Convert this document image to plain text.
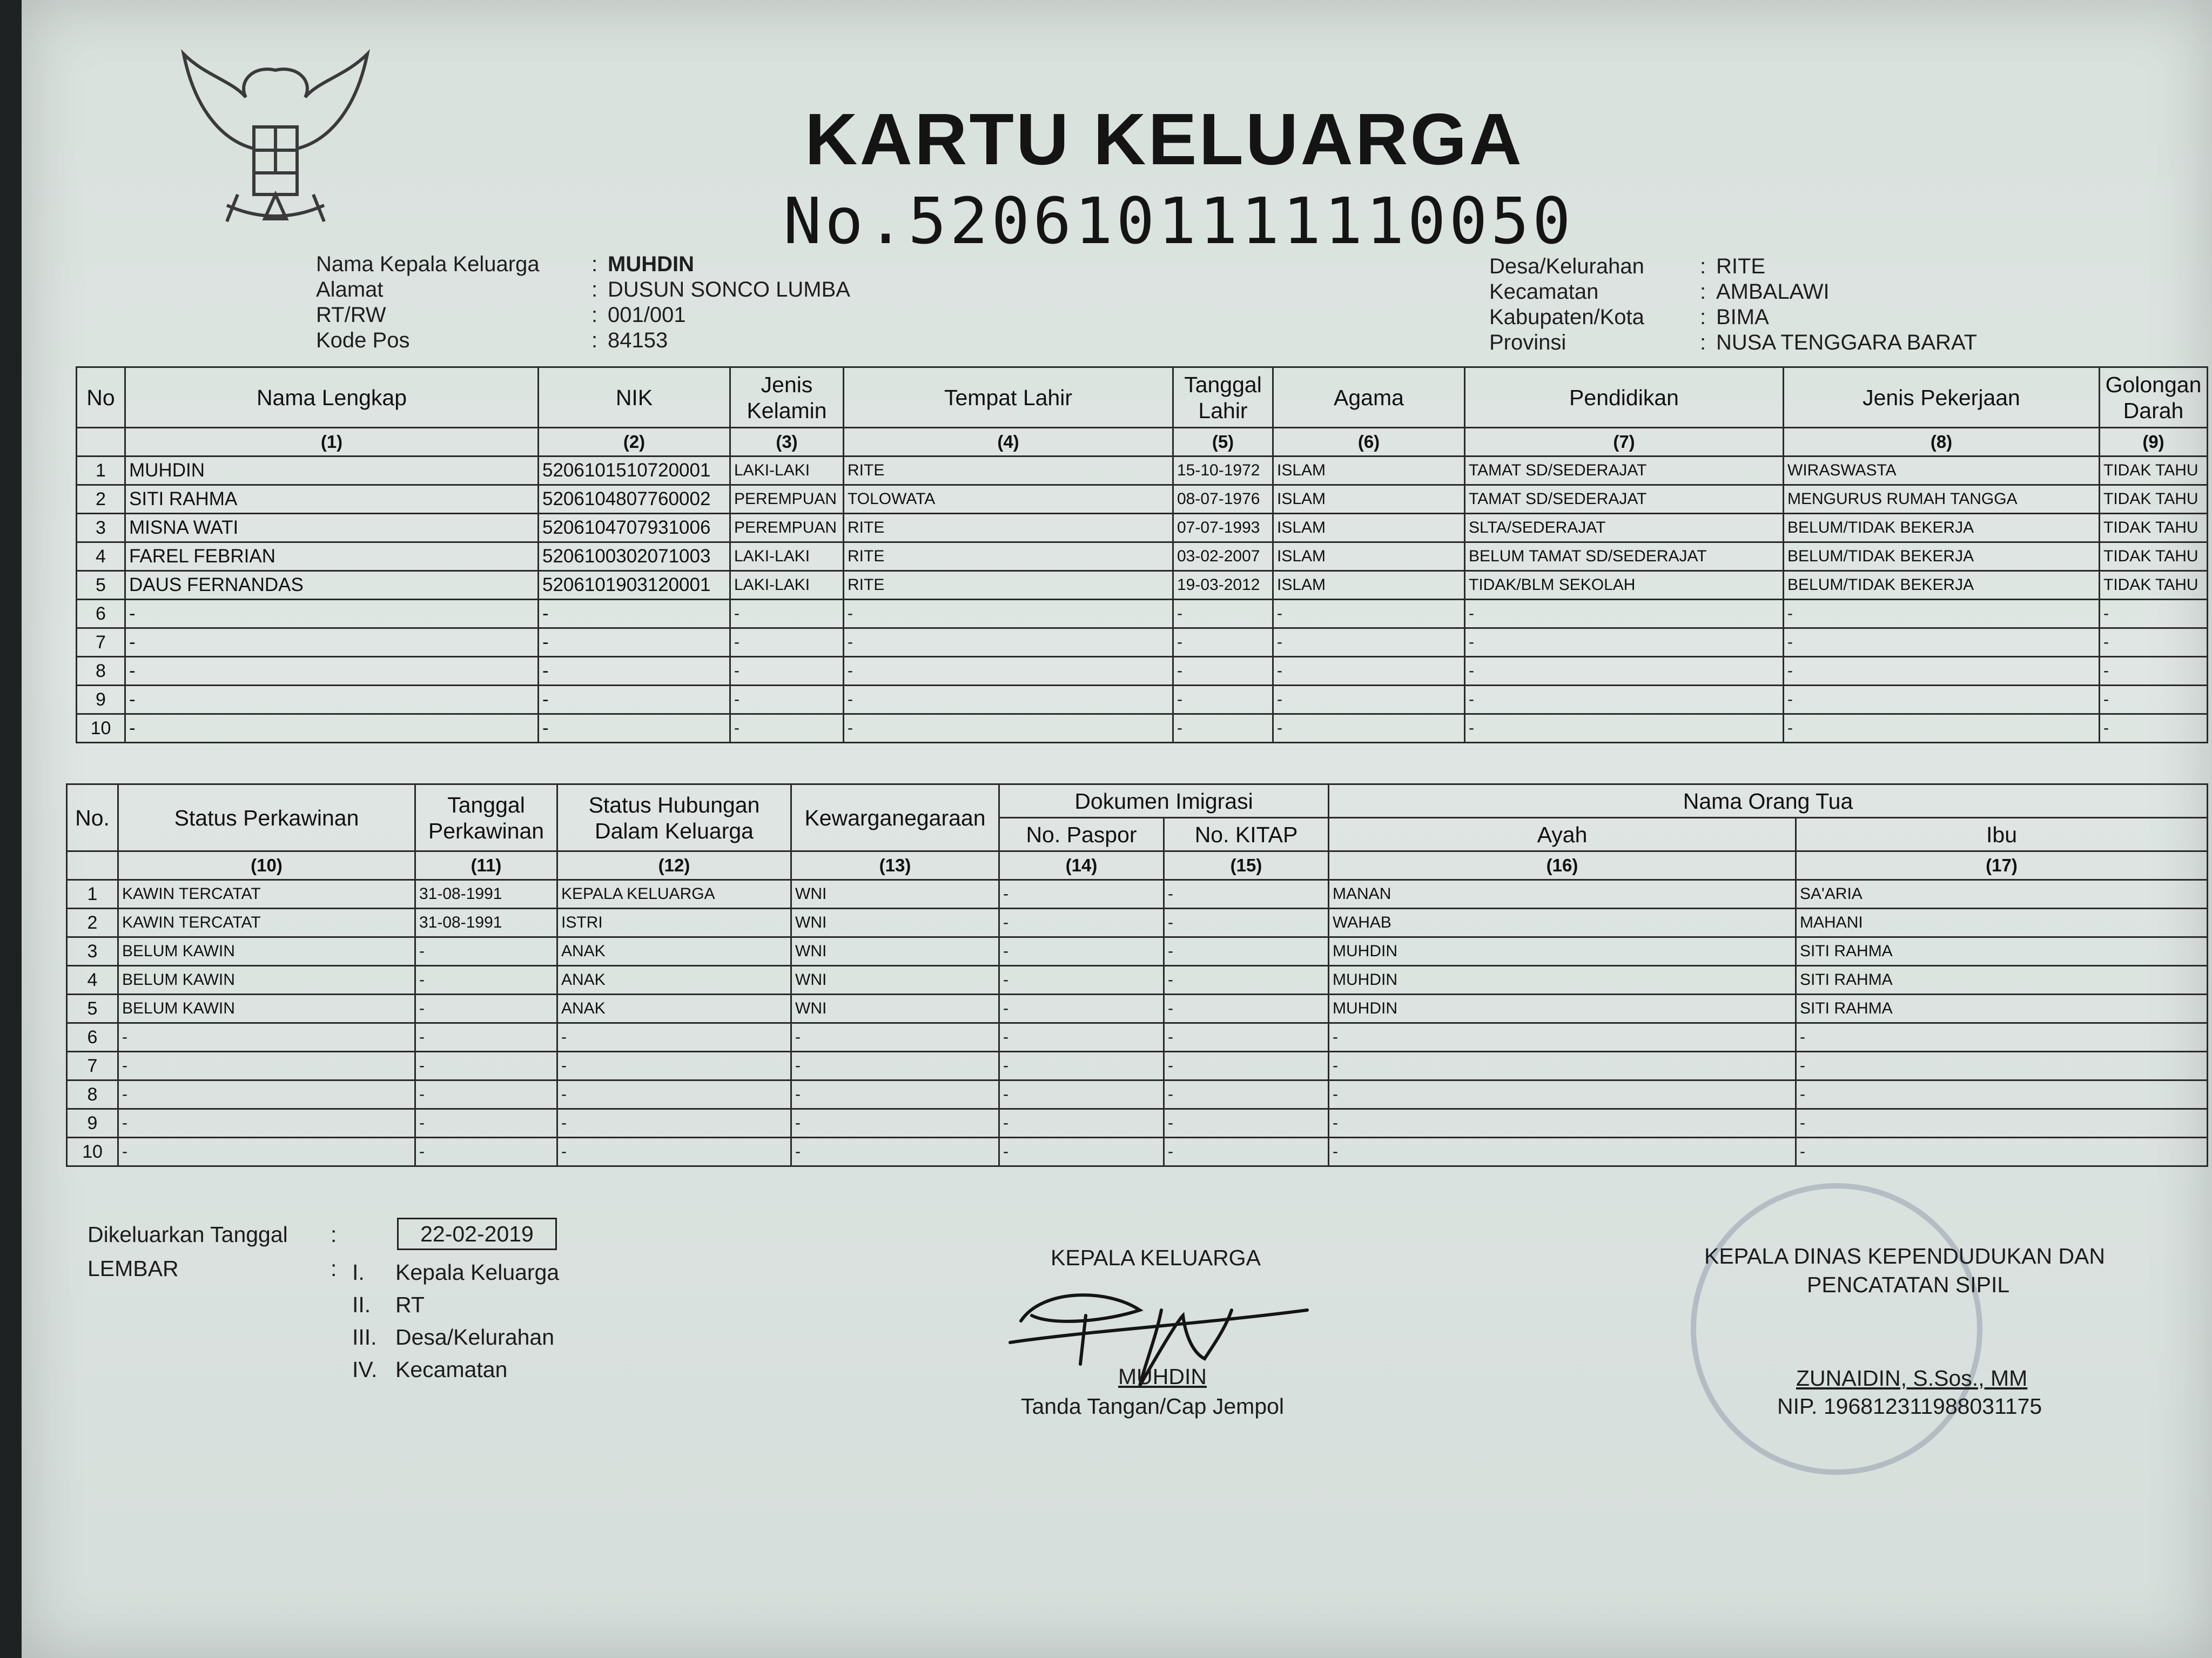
KARTU KELUARGA
No.5206101111110050
Nama Kepala Keluarga : MUHDIN
Alamat	: DUSUN SONCO LUMBA
RT/RW	: 001/001
Kode Pos	: 84153
Desa/Kelurahan	: RITE
Kecamatan	: AMBALAWI
Kabupaten/Kota	: BIMA
Provinsi	: NUSA TENGGARA BARAT
No	Nama Lengkap	NIK	Jenis Kelamin	Tempat Lahir	Tanggal Lahir	Agama	Pendidikan	Jenis Pekerjaan	Golongan Darah
	(1)	(2)	(3)	(4)	(5)	(6)	(7)	(8)	(9)
1	MUHDIN	5206101510720001	LAKI-LAKI	RITE	15-10-1972	ISLAM	TAMAT SD/SEDERAJAT	WIRASWASTA	TIDAK TAHU
2	SITI RAHMA	5206104807760002	PEREMPUAN	TOLOWATA	08-07-1976	ISLAM	TAMAT SD/SEDERAJAT	MENGURUS RUMAH TANGGA	TIDAK TAHU
3	MISNA WATI	5206104707931006	PEREMPUAN	RITE	07-07-1993	ISLAM	SLTA/SEDERAJAT	BELUM/TIDAK BEKERJA	TIDAK TAHU
4	FAREL FEBRIAN	5206100302071003	LAKI-LAKI	RITE	03-02-2007	ISLAM	BELUM TAMAT SD/SEDERAJAT	BELUM/TIDAK BEKERJA	TIDAK TAHU
5	DAUS FERNANDAS	5206101903120001	LAKI-LAKI	RITE	19-03-2012	ISLAM	TIDAK/BLM SEKOLAH	BELUM/TIDAK BEKERJA	TIDAK TAHU
6	-	-	-	-	-	-	-	-	-
7	-	-	-	-	-	-	-	-	-
8	-	-	-	-	-	-	-	-	-
9	-	-	-	-	-	-	-	-	-
10	-	-	-	-	-	-	-	-	-
No.	Status Perkawinan	Tanggal Perkawinan	Status Hubungan Dalam Keluarga	Kewarganegaraan	Dokumen Imigrasi		Nama Orang Tua	
					No. Paspor	No. KITAP	Ayah	Ibu
	(10)	(11)	(12)	(13)	(14)	(15)	(16)	(17)
1	KAWIN TERCATAT	31-08-1991	KEPALA KELUARGA	WNI	-	-	MANAN	SA'ARIA
2	KAWIN TERCATAT	31-08-1991	ISTRI	WNI	-	-	WAHAB	MAHANI
3	BELUM KAWIN	-	ANAK	WNI	-	-	MUHDIN	SITI RAHMA
4	BELUM KAWIN	-	ANAK	WNI	-	-	MUHDIN	SITI RAHMA
5	BELUM KAWIN	-	ANAK	WNI	-	-	MUHDIN	SITI RAHMA
6	-	-	-	-	-	-	-	-
7	-	-	-	-	-	-	-	-
8	-	-	-	-	-	-	-	-
9	-	-	-	-	-	-	-	-
10	-	-	-	-	-	-	-	-
Dikeluarkan Tanggal :	22-02-2019
LEMBAR	: I. Kepala Keluarga
II. RT
III. Desa/Kelurahan
IV. Kecamatan
KEPALA KELUARGA
MUHDIN
Tanda Tangan/Cap Jempol
KEPALA DINAS KEPENDUDUKAN DAN
PENCATATAN SIPIL
ZUNAIDIN, S.Sos., MM
NIP. 196812311988031175
